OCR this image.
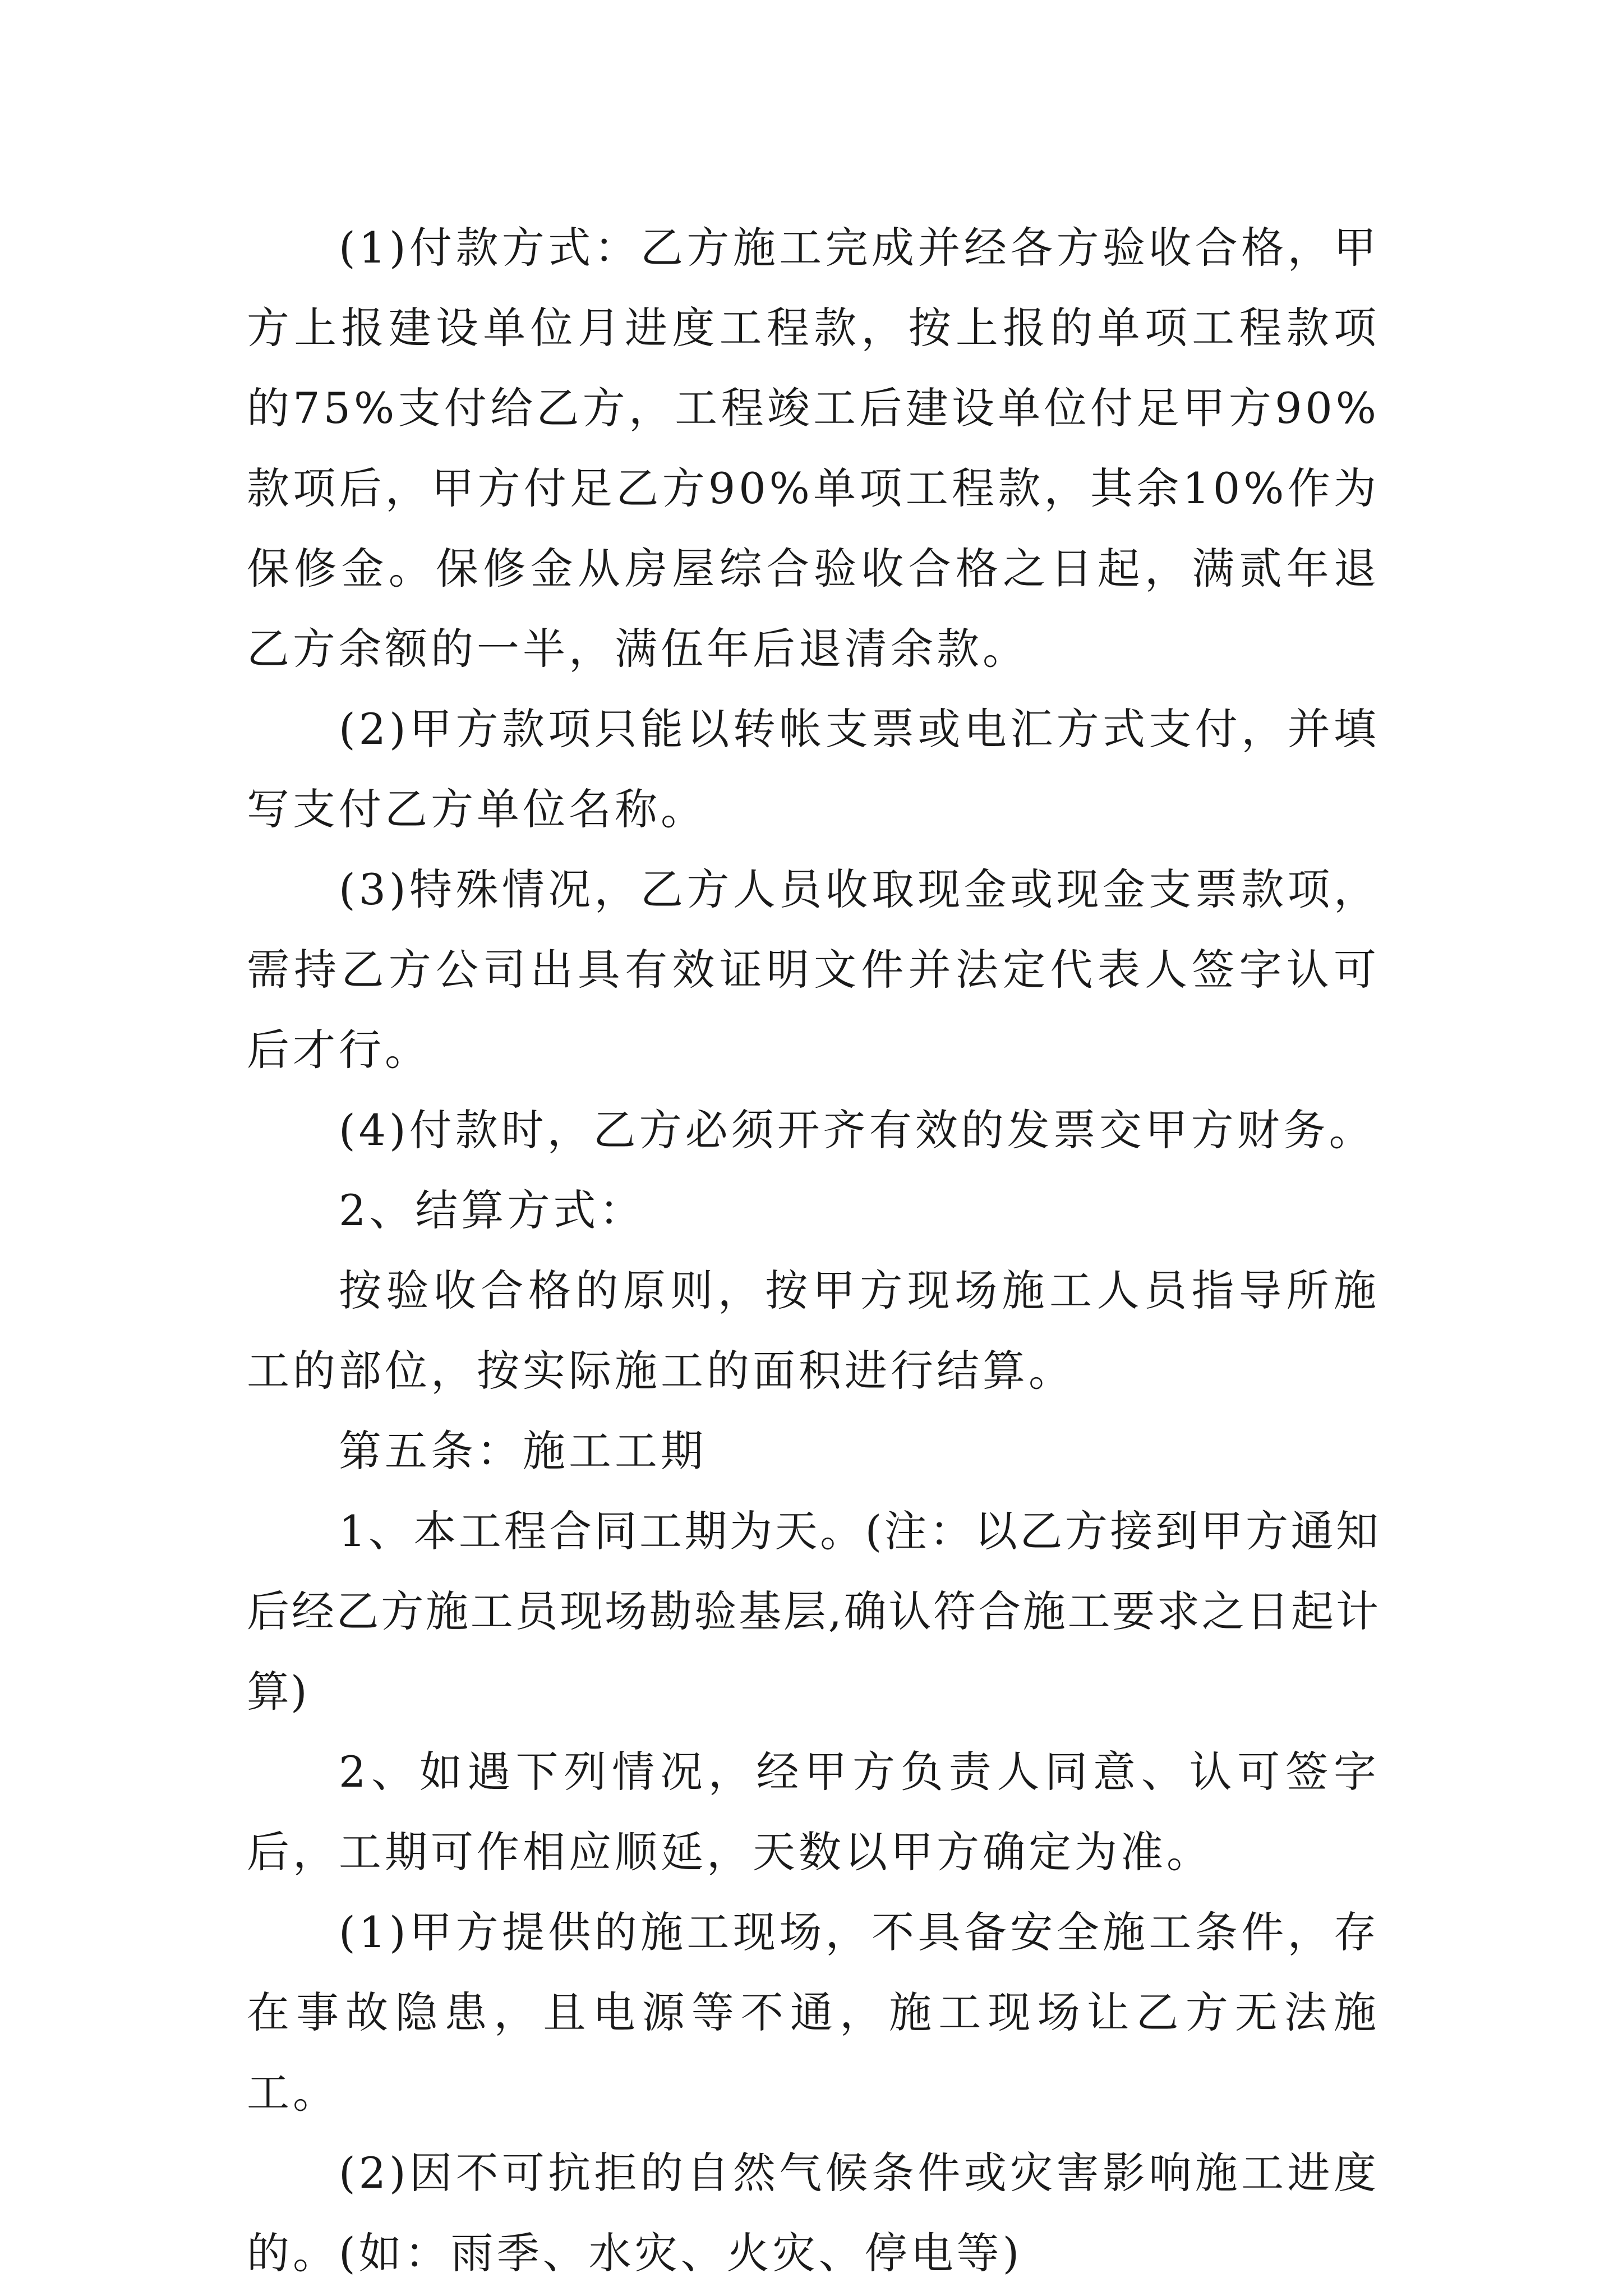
(1)付款方式：乙方施工完成并经各方验收合格，甲方上报建设单位月进度工程款，按上报的单项工程款项的75%支付给乙方，工程竣工后建设单位付足甲方90%款项后，甲方付足乙方90%单项工程款，其余10%作为保修金。保修金从房屋综合验收合格之日起，满贰年退乙方余额的一半，满伍年后退清余款。

(2)甲方款项只能以转帐支票或电汇方式支付，并填写支付乙方单位名称。

(3)特殊情况，乙方人员收取现金或现金支票款项，需持乙方公司出具有效证明文件并法定代表人签字认可后才行。

(4)付款时，乙方必须开齐有效的发票交甲方财务。

2、结算方式：

按验收合格的原则，按甲方现场施工人员指导所施工的部位，按实际施工的面积进行结算。

第五条：施工工期

1、本工程合同工期为天。(注：以乙方接到甲方通知后经乙方施工员现场勘验基层,确认符合施工要求之日起计算)

2、如遇下列情况，经甲方负责人同意、认可签字后，工期可作相应顺延，天数以甲方确定为准。

(1)甲方提供的施工现场，不具备安全施工条件，存在事故隐患，且电源等不通，施工现场让乙方无法施工。

(2)因不可抗拒的自然气候条件或灾害影响施工进度的。(如：雨季、水灾、火灾、停电等)
